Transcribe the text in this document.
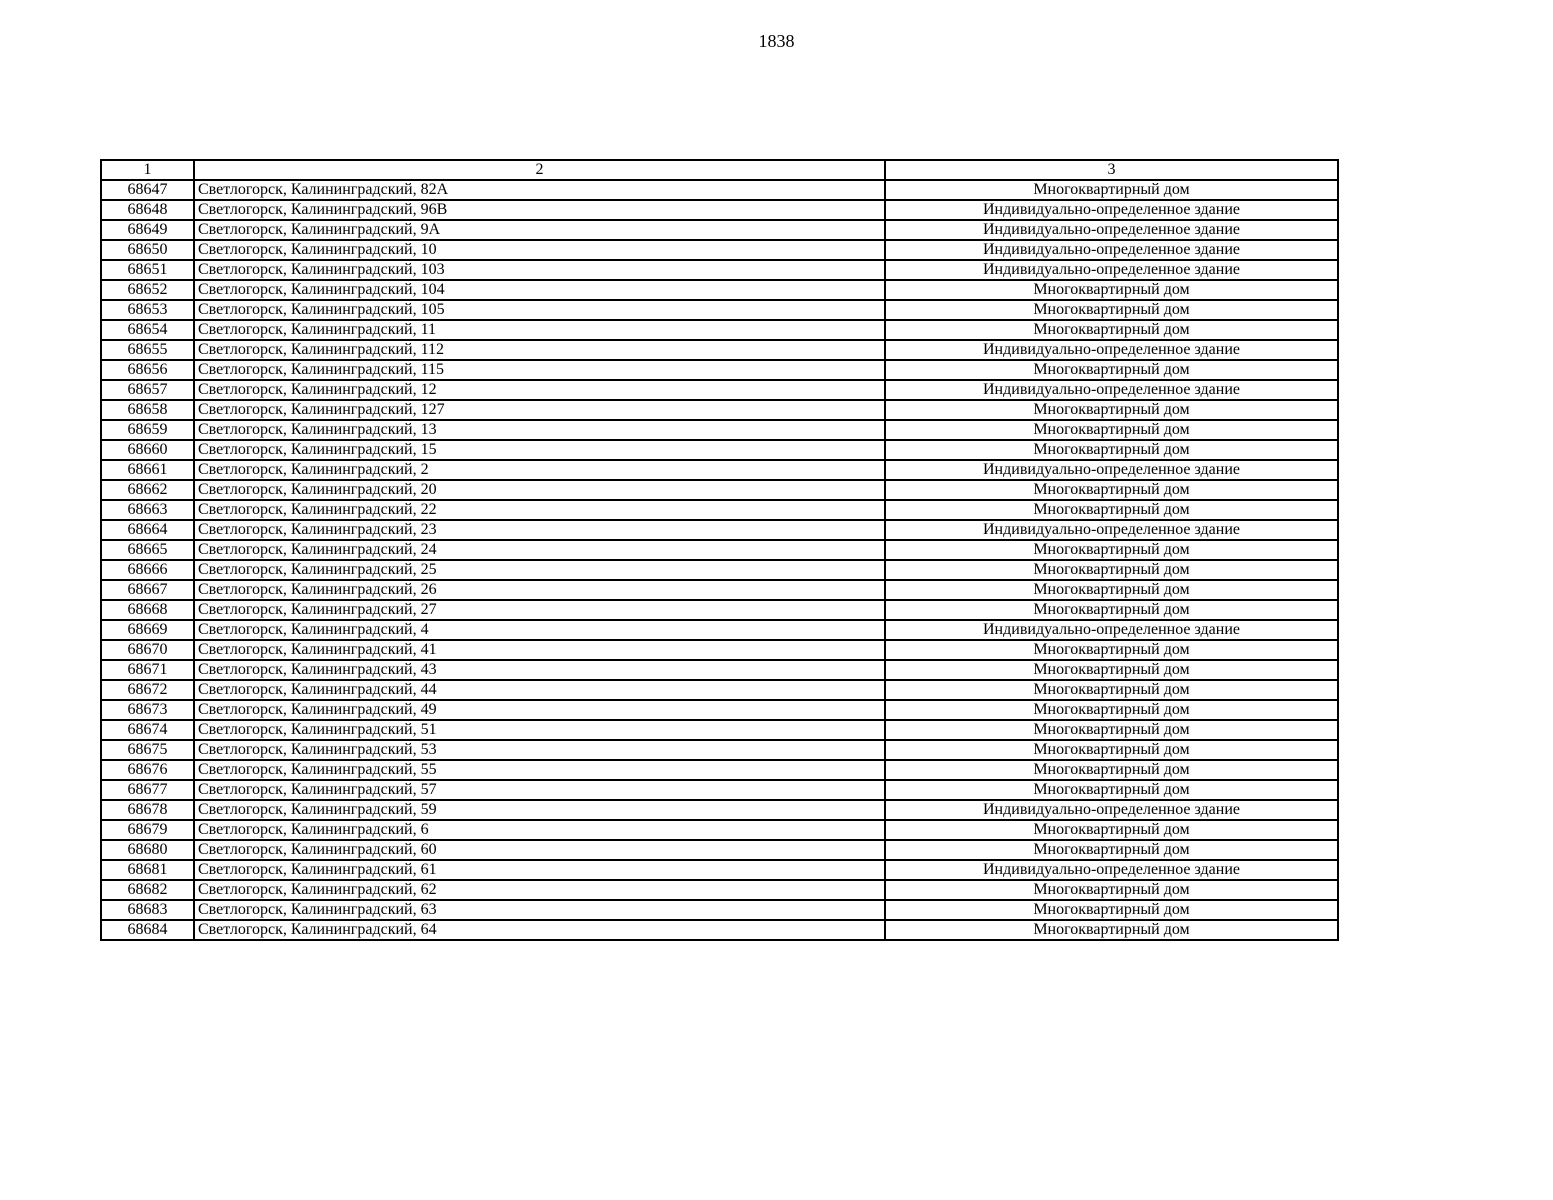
1838
1	2	3
68647	Светлогорск, Калининградский, 82А	Многоквартирный дом
68648	Светлогорск, Калининградский, 96В	Индивидуально-определенное здание
68649	Светлогорск, Калининградский, 9А	Индивидуально-определенное здание
68650	Светлогорск, Калининградский, 10	Индивидуально-определенное здание
68651	Светлогорск, Калининградский, 103	Индивидуально-определенное здание
68652	Светлогорск, Калининградский, 104	Многоквартирный дом
68653	Светлогорск, Калининградский, 105	Многоквартирный дом
68654	Светлогорск, Калининградский, 11	Многоквартирный дом
68655	Светлогорск, Калининградский, 112	Индивидуально-определенное здание
68656	Светлогорск, Калининградский, 115	Многоквартирный дом
68657	Светлогорск, Калининградский, 12	Индивидуально-определенное здание
68658	Светлогорск, Калининградский, 127	Многоквартирный дом
68659	Светлогорск, Калининградский, 13	Многоквартирный дом
68660	Светлогорск, Калининградский, 15	Многоквартирный дом
68661	Светлогорск, Калининградский, 2	Индивидуально-определенное здание
68662	Светлогорск, Калининградский, 20	Многоквартирный дом
68663	Светлогорск, Калининградский, 22	Многоквартирный дом
68664	Светлогорск, Калининградский, 23	Индивидуально-определенное здание
68665	Светлогорск, Калининградский, 24	Многоквартирный дом
68666	Светлогорск, Калининградский, 25	Многоквартирный дом
68667	Светлогорск, Калининградский, 26	Многоквартирный дом
68668	Светлогорск, Калининградский, 27	Многоквартирный дом
68669	Светлогорск, Калининградский, 4	Индивидуально-определенное здание
68670	Светлогорск, Калининградский, 41	Многоквартирный дом
68671	Светлогорск, Калининградский, 43	Многоквартирный дом
68672	Светлогорск, Калининградский, 44	Многоквартирный дом
68673	Светлогорск, Калининградский, 49	Многоквартирный дом
68674	Светлогорск, Калининградский, 51	Многоквартирный дом
68675	Светлогорск, Калининградский, 53	Многоквартирный дом
68676	Светлогорск, Калининградский, 55	Многоквартирный дом
68677	Светлогорск, Калининградский, 57	Многоквартирный дом
68678	Светлогорск, Калининградский, 59	Индивидуально-определенное здание
68679	Светлогорск, Калининградский, 6	Многоквартирный дом
68680	Светлогорск, Калининградский, 60	Многоквартирный дом
68681	Светлогорск, Калининградский, 61	Индивидуально-определенное здание
68682	Светлогорск, Калининградский, 62	Многоквартирный дом
68683	Светлогорск, Калининградский, 63	Многоквартирный дом
68684	Светлогорск, Калининградский, 64	Многоквартирный дом
